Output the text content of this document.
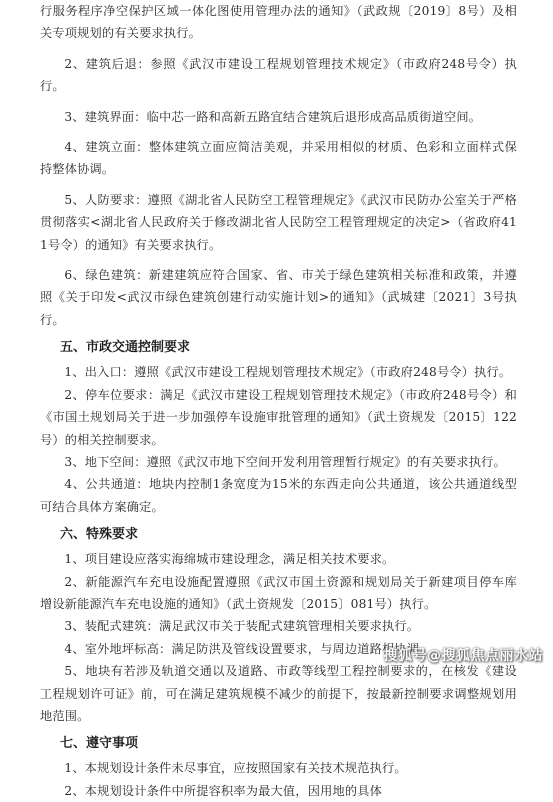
行服务程序净空保护区域一体化图使用管理办法的通知》（武政规〔2019〕8号）及相关专项规划的有关要求执行。

2、建筑后退：参照《武汉市建设工程规划管理技术规定》（市政府248号令）执行。

3、建筑界面：临中芯一路和高新五路宜结合建筑后退形成高品质街道空间。

4、建筑立面：整体建筑立面应简洁美观，并采用相似的材质、色彩和立面样式保持整体协调。

5、人防要求：遵照《湖北省人民防空工程管理规定》《武汉市民防办公室关于严格贯彻落实<湖北省人民政府关于修改湖北省人民防空工程管理规定的决定>（省政府411号令）的通知》有关要求执行。

6、绿色建筑：新建建筑应符合国家、省、市关于绿色建筑相关标准和政策，并遵照《关于印发<武汉市绿色建筑创建行动实施计划>的通知》（武城建〔2021〕3号执行。

五、市政交通控制要求

1、出入口：遵照《武汉市建设工程规划管理技术规定》（市政府248号令）执行。

2、停车位要求：满足《武汉市建设工程规划管理技术规定》（市政府248号令）和《市国土规划局关于进一步加强停车设施审批管理的通知》（武土资规发〔2015〕122号）的相关控制要求。

3、地下空间：遵照《武汉市地下空间开发利用管理暂行规定》的有关要求执行。

4、公共通道：地块内控制1条宽度为15米的东西走向公共通道，该公共通道线型可结合具体方案确定。

六、特殊要求

1、项目建设应落实海绵城市建设理念，满足相关技术要求。

2、新能源汽车充电设施配置遵照《武汉市国土资源和规划局关于新建项目停车库增设新能源汽车充电设施的通知》（武土资规发〔2015〕081号）执行。

3、装配式建筑：满足武汉市关于装配式建筑管理相关要求执行。

4、室外地坪标高：满足防洪及管线设置要求，与周边道路相协调。

5、地块有若涉及轨道交通以及道路、市政等线型工程控制要求的，在核发《建设工程规划许可证》前，可在满足建筑规模不减少的前提下，按最新控制要求调整规划用地范围。

七、遵守事项

1、本规划设计条件未尽事宜，应按照国家有关技术规范执行。

2、本规划设计条件中所提容积率为最大值，因用地的具体

搜狐号@搜狐焦点丽水站
